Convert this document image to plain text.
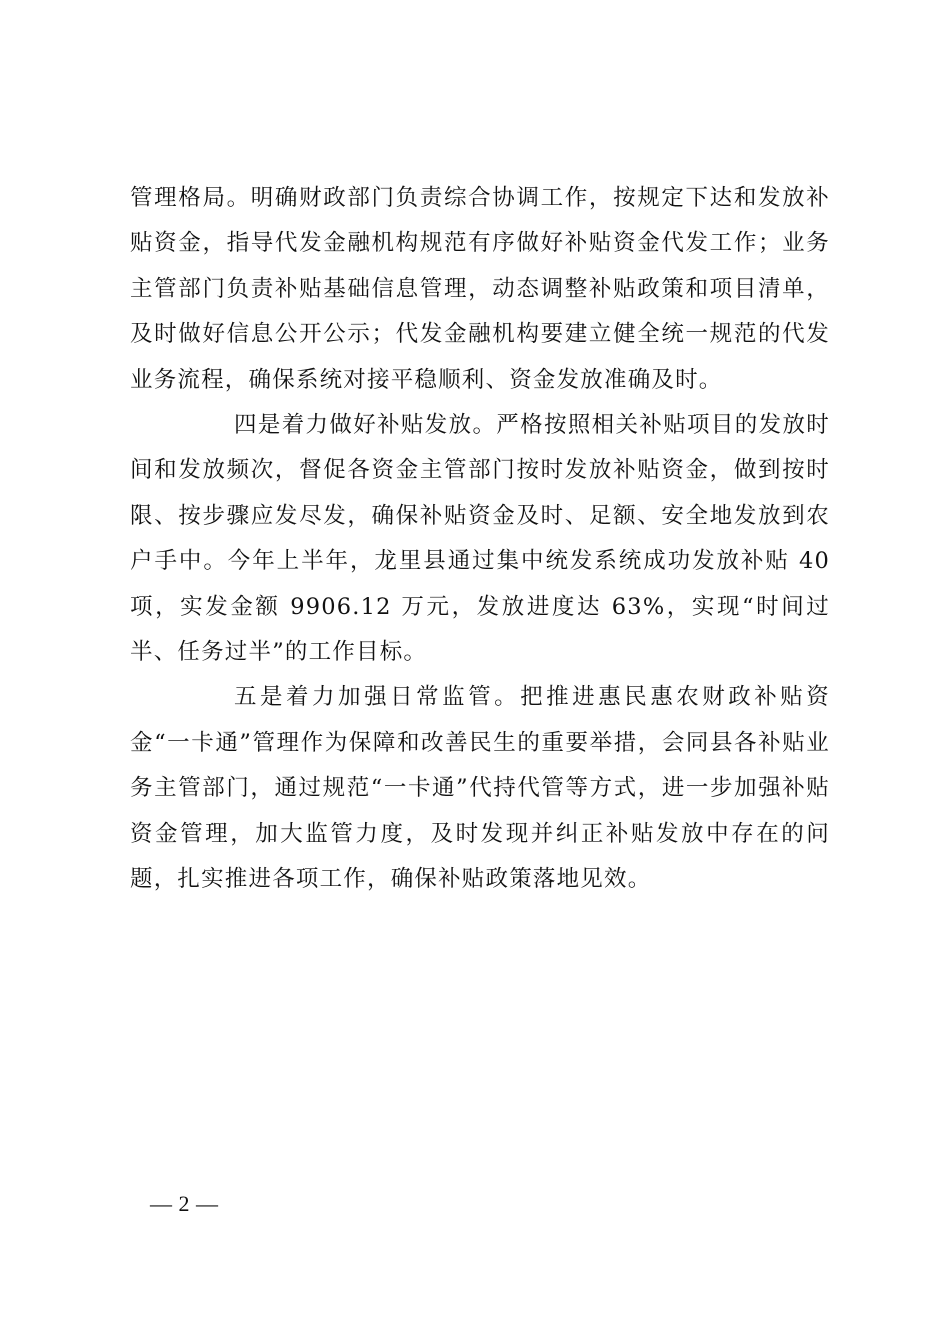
管理格局。明确财政部门负责综合协调工作，按规定下达和发放补贴资金，指导代发金融机构规范有序做好补贴资金代发工作；业务主管部门负责补贴基础信息管理，动态调整补贴政策和项目清单，及时做好信息公开公示；代发金融机构要建立健全统一规范的代发业务流程，确保系统对接平稳顺利、资金发放准确及时。

四是着力做好补贴发放。严格按照相关补贴项目的发放时间和发放频次，督促各资金主管部门按时发放补贴资金，做到按时限、按步骤应发尽发，确保补贴资金及时、足额、安全地发放到农户手中。今年上半年，龙里县通过集中统发系统成功发放补贴 40 项，实发金额 9906.12 万元，发放进度达 63%，实现“时间过半、任务过半”的工作目标。

五是着力加强日常监管。把推进惠民惠农财政补贴资金“一卡通”管理作为保障和改善民生的重要举措，会同县各补贴业务主管部门，通过规范“一卡通”代持代管等方式，进一步加强补贴资金管理，加大监管力度，及时发现并纠正补贴发放中存在的问题，扎实推进各项工作，确保补贴政策落地见效。

— 2 —
